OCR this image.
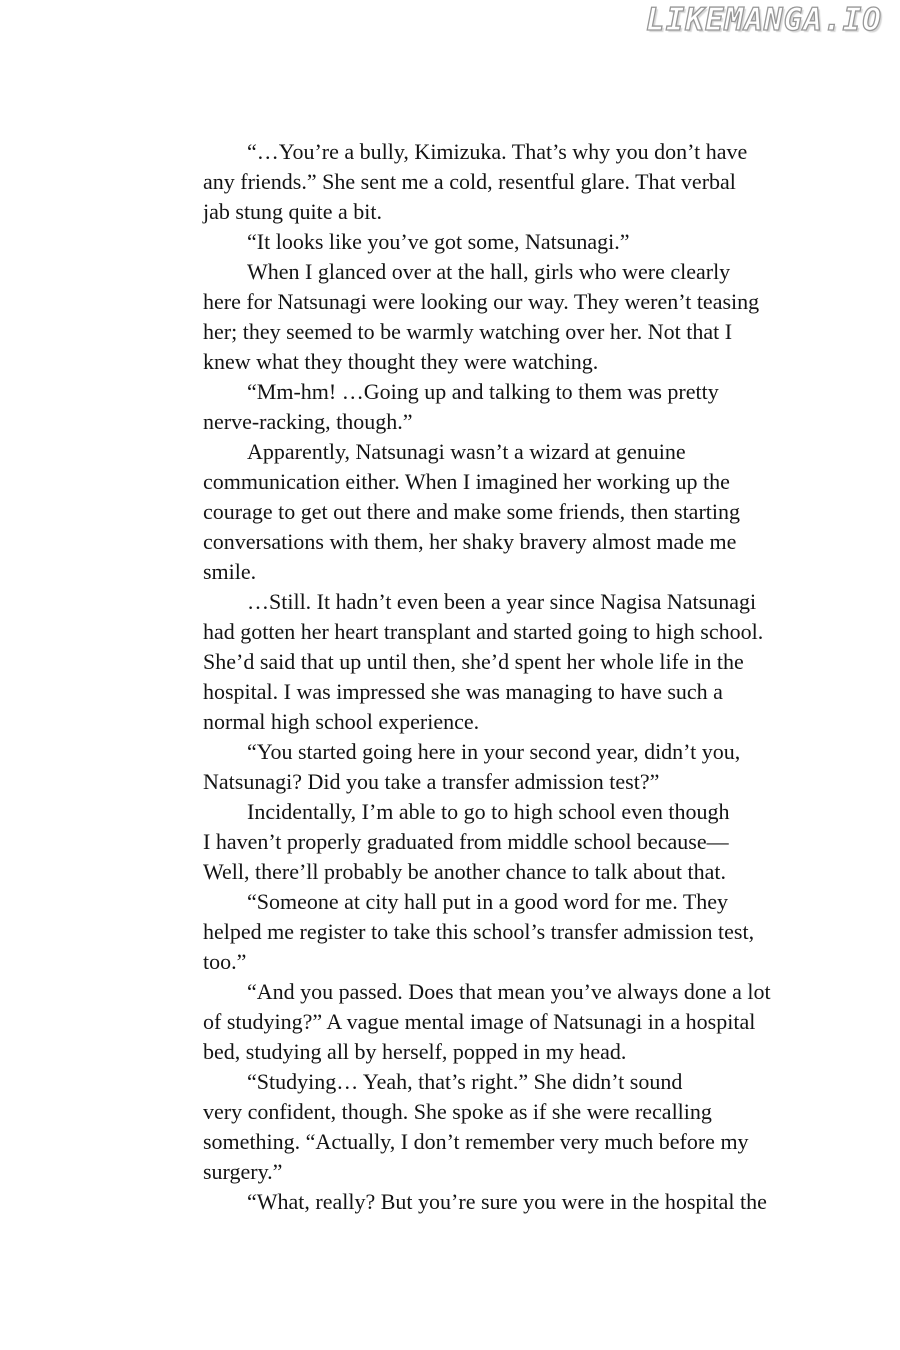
LIKEMANGA.IO
“…You’re a bully, Kimizuka. That’s why you don’t have
any friends.” She sent me a cold, resentful glare. That verbal
jab stung quite a bit.
“It looks like you’ve got some, Natsunagi.”
When I glanced over at the hall, girls who were clearly
here for Natsunagi were looking our way. They weren’t teasing
her; they seemed to be warmly watching over her. Not that I
knew what they thought they were watching.
“Mm-hm! …Going up and talking to them was pretty
nerve-racking, though.”
Apparently, Natsunagi wasn’t a wizard at genuine
communication either. When I imagined her working up the
courage to get out there and make some friends, then starting
conversations with them, her shaky bravery almost made me
smile.
…Still. It hadn’t even been a year since Nagisa Natsunagi
had gotten her heart transplant and started going to high school.
She’d said that up until then, she’d spent her whole life in the
hospital. I was impressed she was managing to have such a
normal high school experience.
“You started going here in your second year, didn’t you,
Natsunagi? Did you take a transfer admission test?”
Incidentally, I’m able to go to high school even though
I haven’t properly graduated from middle school because—
Well, there’ll probably be another chance to talk about that.
“Someone at city hall put in a good word for me. They
helped me register to take this school’s transfer admission test,
too.”
“And you passed. Does that mean you’ve always done a lot
of studying?” A vague mental image of Natsunagi in a hospital
bed, studying all by herself, popped in my head.
“Studying… Yeah, that’s right.” She didn’t sound
very confident, though. She spoke as if she were recalling
something. “Actually, I don’t remember very much before my
surgery.”
“What, really? But you’re sure you were in the hospital the
